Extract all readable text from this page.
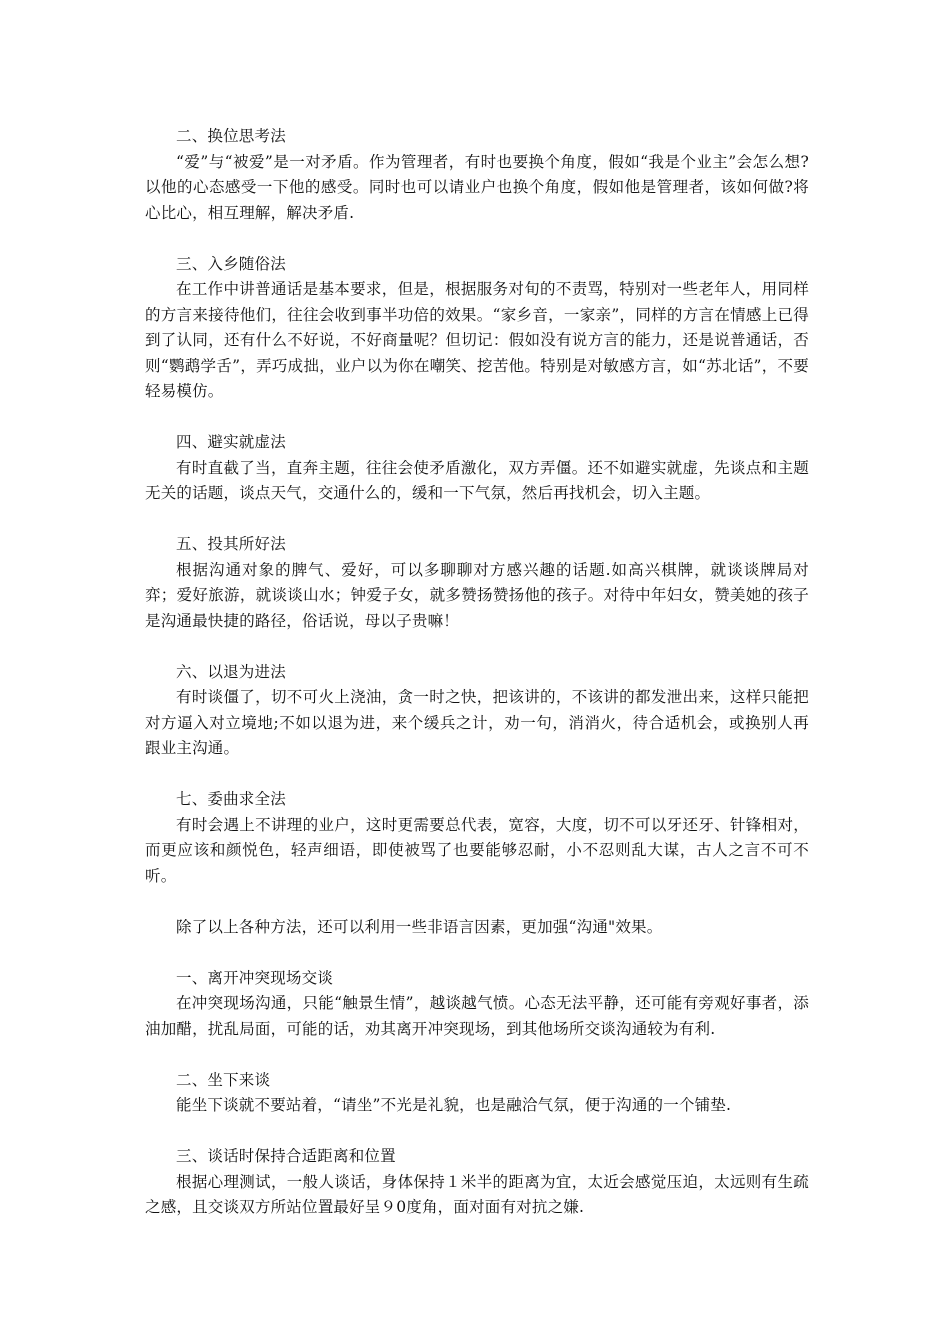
二、换位思考法

“爱”与“被爱”是一对矛盾。作为管理者，有时也要换个角度，假如“我是个业主”会怎么想?以他的心态感受一下他的感受。同时也可以请业户也换个角度，假如他是管理者，该如何做?将心比心，相互理解，解决矛盾.

三、入乡随俗法

在工作中讲普通话是基本要求，但是，根据服务对旬的不责骂，特别对一些老年人，用同样的方言来接待他们，往往会收到事半功倍的效果。“家乡音，一家亲”，同样的方言在情感上已得到了认同，还有什么不好说，不好商量呢？但切记：假如没有说方言的能力，还是说普通话，否则“鹦鹉学舌”，弄巧成拙，业户以为你在嘲笑、挖苦他。特别是对敏感方言，如“苏北话”，不要轻易模仿。

四、避实就虚法

有时直截了当，直奔主题，往往会使矛盾激化，双方弄僵。还不如避实就虚，先谈点和主题无关的话题，谈点天气，交通什么的，缓和一下气氛，然后再找机会，切入主题。

五、投其所好法

根据沟通对象的脾气、爱好，可以多聊聊对方感兴趣的话题.如高兴棋牌，就谈谈牌局对弈；爱好旅游，就谈谈山水；钟爱子女，就多赞扬赞扬他的孩子。对待中年妇女，赞美她的孩子是沟通最快捷的路径，俗话说，母以子贵嘛！

六、以退为进法

有时谈僵了，切不可火上浇油，贪一时之快，把该讲的，不该讲的都发泄出来，这样只能把对方逼入对立境地;不如以退为进，来个缓兵之计，劝一句，消消火，待合适机会，或换别人再跟业主沟通。

七、委曲求全法

有时会遇上不讲理的业户，这时更需要总代表，宽容，大度，切不可以牙还牙、针锋相对，而更应该和颜悦色，轻声细语，即使被骂了也要能够忍耐，小不忍则乱大谋，古人之言不可不听。

除了以上各种方法，还可以利用一些非语言因素，更加强“沟通"效果。

一、离开冲突现场交谈

在冲突现场沟通，只能“触景生情”，越谈越气愤。心态无法平静，还可能有旁观好事者，添油加醋，扰乱局面，可能的话，劝其离开冲突现场，到其他场所交谈沟通较为有利.

二、坐下来谈

能坐下谈就不要站着，“请坐”不光是礼貌，也是融洽气氛，便于沟通的一个铺垫.

三、谈话时保持合适距离和位置

根据心理测试，一般人谈话，身体保持１米半的距离为宜，太近会感觉压迫，太远则有生疏之感，且交谈双方所站位置最好呈９0度角，面对面有对抗之嫌.
